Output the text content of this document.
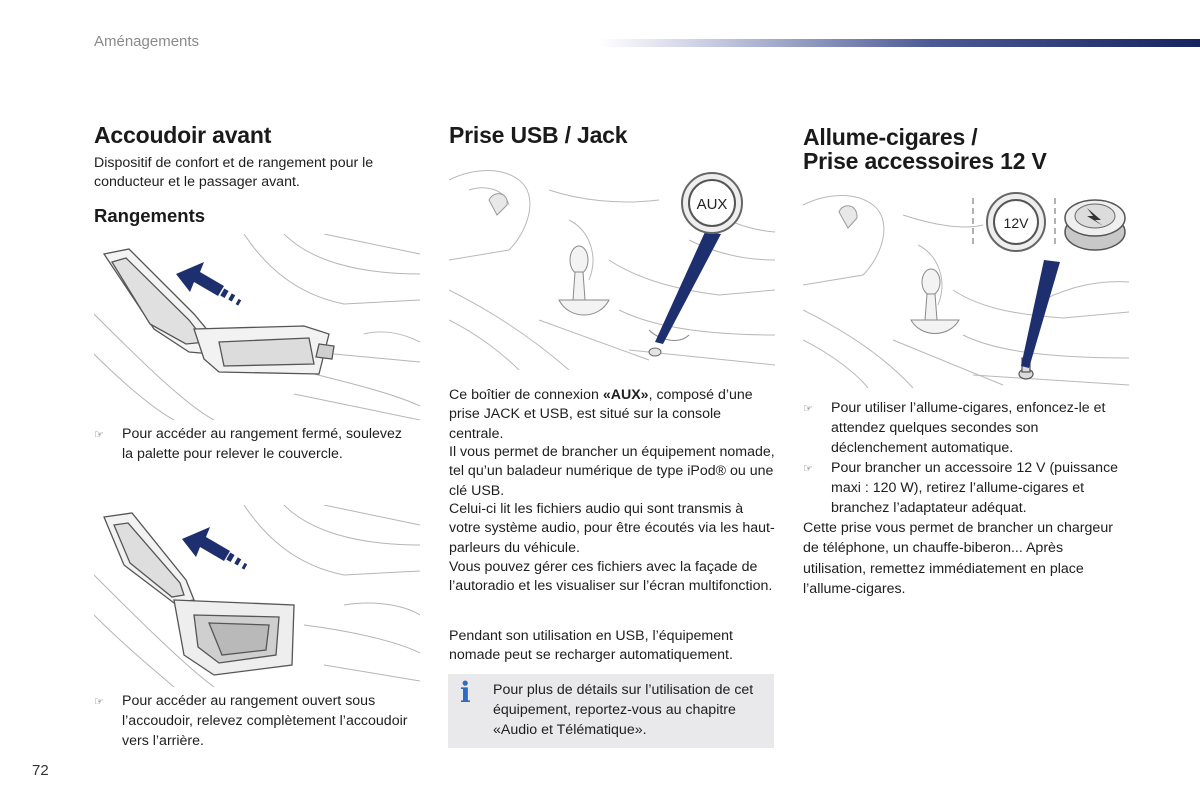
Aménagements
Accoudoir avant

Dispositif de confort et de rangement pour le conducteur et le passager avant.

Rangements
☞	Pour accéder au rangement fermé, soulevez la palette pour relever le couvercle.
☞	Pour accéder au rangement ouvert sous l’accoudoir, relevez complètement l’accoudoir vers l’arrière.
Prise USB / Jack
AUX

Ce boîtier de connexion «AUX», composé d’une prise JACK et USB, est situé sur la console centrale.

Il vous permet de brancher un équipement nomade, tel qu’un baladeur numérique de type iPod® ou une clé USB.

Celui-ci lit les fichiers audio qui sont transmis à votre système audio, pour être écoutés via les haut-parleurs du véhicule.

Vous pouvez gérer ces fichiers avec la façade de l’autoradio et les visualiser sur l’écran multifonction.

Pendant son utilisation en USB, l’équipement nomade peut se recharger automatiquement.

i Pour plus de détails sur l’utilisation de cet équipement, reportez-vous au chapitre «Audio et Télématique».
Allume-cigares /
Prise accessoires 12 V
12V
☞	Pour utiliser l’allume-cigares, enfoncez-le et attendez quelques secondes son déclenchement automatique.
☞	Pour brancher un accessoire 12 V (puissance maxi : 120 W), retirez l’allume-cigares et branchez l’adaptateur adéquat.

Cette prise vous permet de brancher un chargeur de téléphone, un chauffe-biberon... Après utilisation, remettez immédiatement en place l’allume-cigares.

72
